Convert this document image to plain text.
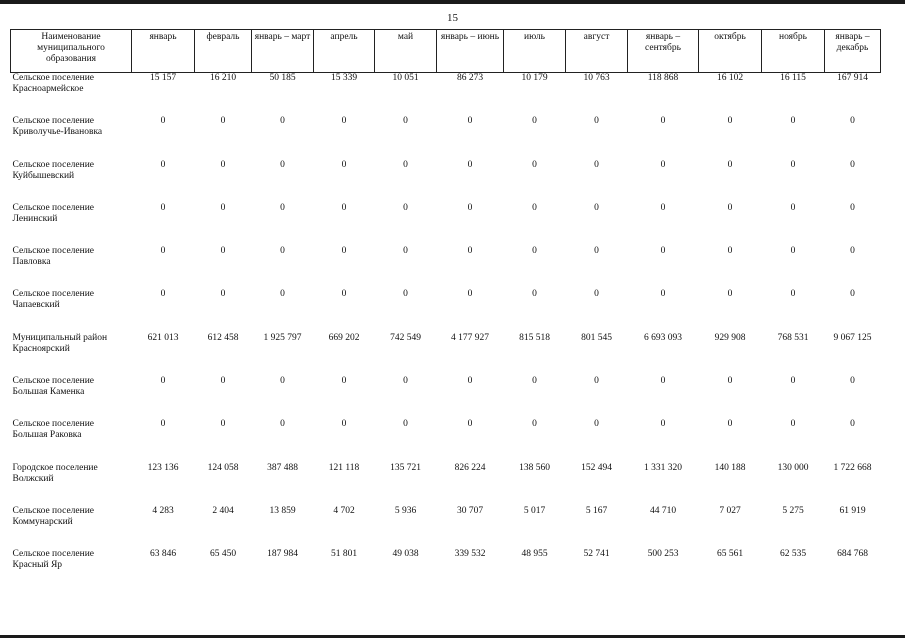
15
Наименование муниципального образования	январь	февраль	январь – март	апрель	май	январь – июнь	июль	август	январь – сентябрь	октябрь	ноябрь	январь – декабрь

Сельское поселение
Красноармейское	15 157	16 210	50 185	15 339	10 051	86 273	10 179	10 763	118 868	16 102	16 115	167 914

Сельское поселение
Криволучье-Ивановка	0	0	0	0	0	0	0	0	0	0	0	0

Сельское поселение
Куйбышевский	0	0	0	0	0	0	0	0	0	0	0	0

Сельское поселение
Ленинский	0	0	0	0	0	0	0	0	0	0	0	0

Сельское поселение
Павловка	0	0	0	0	0	0	0	0	0	0	0	0

Сельское поселение
Чапаевский	0	0	0	0	0	0	0	0	0	0	0	0

Муниципальный район
Красноярский	621 013	612 458	1 925 797	669 202	742 549	4 177 927	815 518	801 545	6 693 093	929 908	768 531	9 067 125

Сельское поселение
Большая Каменка	0	0	0	0	0	0	0	0	0	0	0	0

Сельское поселение
Большая Раковка	0	0	0	0	0	0	0	0	0	0	0	0

Городское поселение
Волжский	123 136	124 058	387 488	121 118	135 721	826 224	138 560	152 494	1 331 320	140 188	130 000	1 722 668

Сельское поселение
Коммунарский	4 283	2 404	13 859	4 702	5 936	30 707	5 017	5 167	44 710	7 027	5 275	61 919

Сельское поселение
Красный Яр	63 846	65 450	187 984	51 801	49 038	339 532	48 955	52 741	500 253	65 561	62 535	684 768
